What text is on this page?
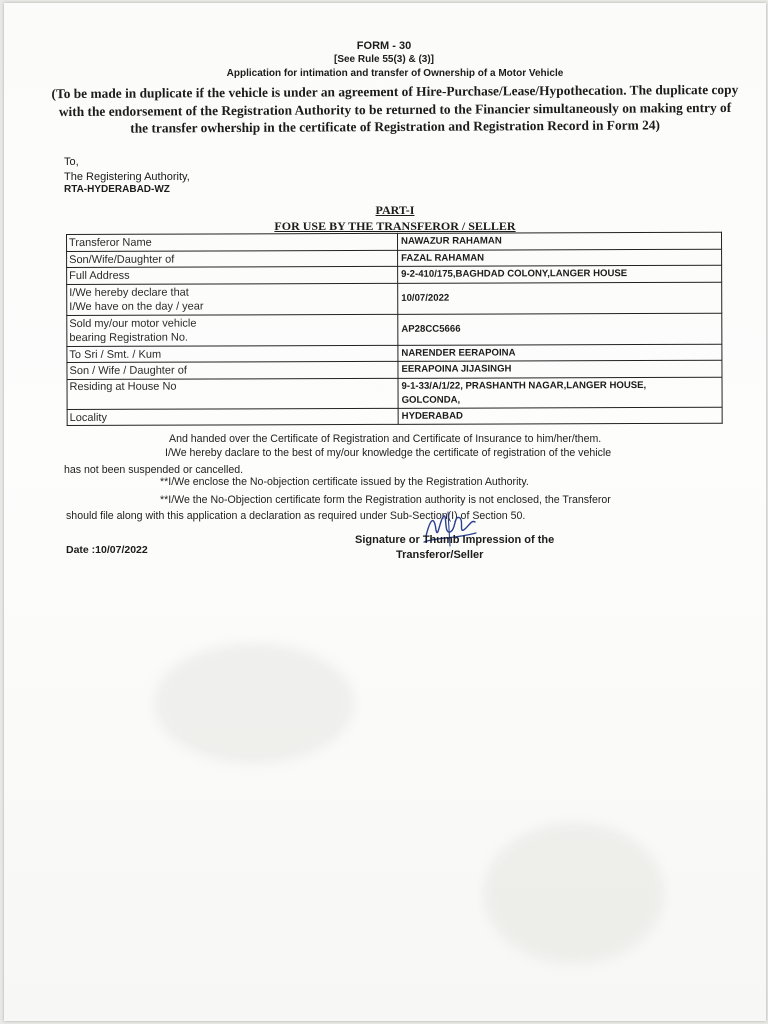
FORM - 30
[See Rule 55(3) & (3)]
Application for intimation and transfer of Ownership of a Motor Vehicle
(To be made in duplicate if the vehicle is under an agreement of Hire-Purchase/Lease/Hypothecation. The duplicate copy with the endorsement of the Registration Authority to be returned to the Financier simultaneously on making entry of the transfer owhership in the certificate of Registration and Registration Record in Form 24)
To,
The Registering Authority,
RTA-HYDERABAD-WZ
PART-I
FOR USE BY THE TRANSFEROR / SELLER
Transferor Name	NAWAZUR RAHAMAN
Son/Wife/Daughter of	FAZAL RAHAMAN
Full Address	9-2-410/175,BAGHDAD COLONY,LANGER HOUSE

I/We hereby declare that
I/We have on the day / year	10/07/2022

Sold my/our motor vehicle
bearing Registration No.	AP28CC5666
To Sri / Smt. / Kum	NARENDER EERAPOINA
Son / Wife / Daughter of	EERAPOINA JIJASINGH
Residing at House No	9-1-33/A/1/22, PRASHANTH NAGAR,LANGER HOUSE,
GOLCONDA,

Locality	HYDERABAD
And handed over the Certificate of Registration and Certificate of Insurance to him/her/them.
I/We hereby daclare to the best of my/our knowledge the certificate of registration of the vehicle
has not been suspended or cancelled.
**I/We enclose the No-objection certificate issued by the Registration Authority.
**I/We the No-Objection certificate form the Registration authority is not enclosed, the Transferor
should file along with this application a declaration as required under Sub-Section(I) of Section 50.
Date :10/07/2022
Signature or Thumb Impression of the
Transferor/Seller
